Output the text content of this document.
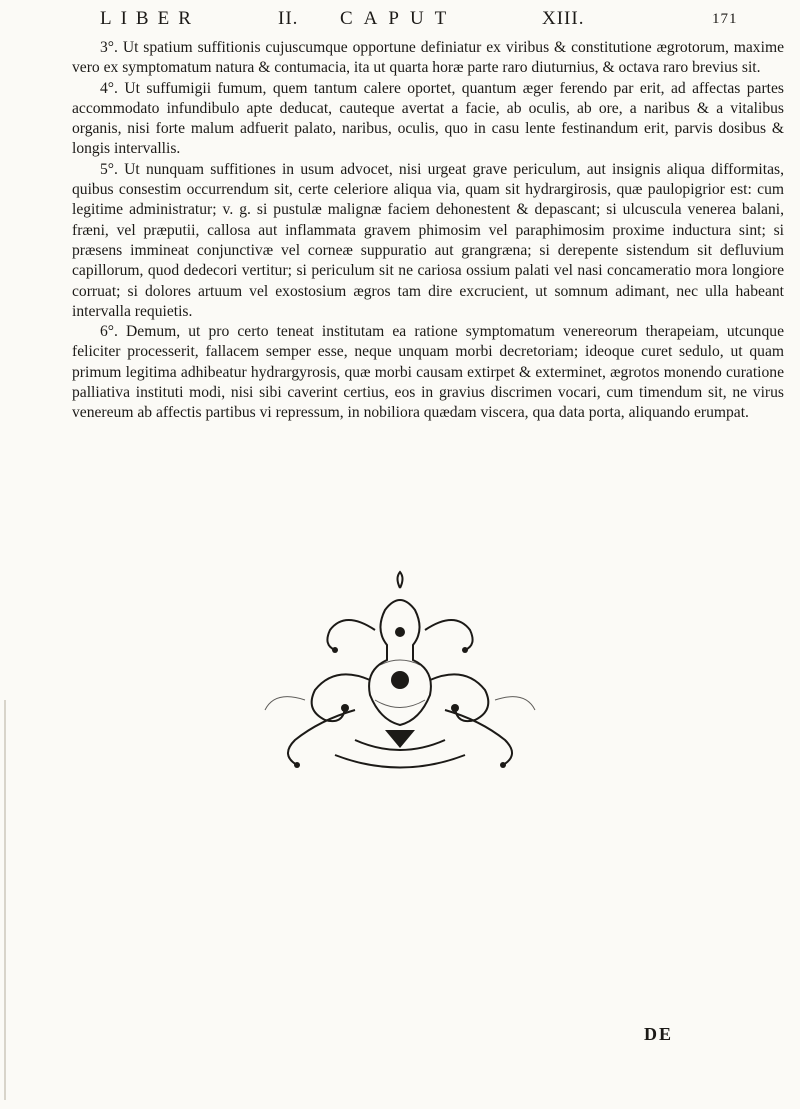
LIBER	II. CAPUT	XIII.	171

3°. Ut spatium suffitionis cujuscumque opportune definiatur ex viribus & constitutione ægrotorum, maxime vero ex symptomatum natura & contumacia, ita ut quarta horæ parte raro diuturnius, & octava raro brevius sit.

4°. Ut suffumigii fumum, quem tantum calere oportet, quantum æger ferendo par erit, ad affectas partes accommodato infundibulo apte deducat, cauteque avertat a facie, ab oculis, ab ore, a naribus & a vitalibus organis, nisi forte malum adfuerit palato, naribus, oculis, quo in casu lente festinandum erit, parvis dosibus & longis intervallis.

5°. Ut nunquam suffitiones in usum advocet, nisi urgeat grave periculum, aut insignis aliqua difformitas, quibus consestim occurrendum sit, certe celeriore aliqua via, quam sit hydrargirosis, quæ paulopigrior est: cum legitime administratur; v. g. si pustulæ malignæ faciem dehonestent & depascant; si ulcuscula venerea balani, fræni, vel præputii, callosa aut inflammata gravem phimosim vel paraphimosim proxime inductura sint; si præsens immineat conjunctivæ vel corneæ suppuratio aut grangræna; si derepente sistendum sit defluvium capillorum, quod dedecori vertitur; si periculum sit ne cariosa ossium palati vel nasi concameratio mora longiore corruat; si dolores artuum vel exostosium ægros tam dire excrucient, ut somnum adimant, nec ulla habeant intervalla requietis.

6°. Demum, ut pro certo teneat institutam ea ratione symptomatum venereorum therapeiam, utcunque feliciter processerit, fallacem semper esse, neque unquam morbi decretoriam; ideoque curet sedulo, ut quam primum legitima adhibeatur hydrargyrosis, quæ morbi causam extirpet & exterminet, ægrotos monendo curatione palliativa instituti modi, nisi sibi caverint certius, eos in gravius discrimen vocari, cum timendum sit, ne virus venereum ab affectis partibus vi repressum, in nobiliora quædam viscera, qua data porta, aliquando erumpat.

DE
